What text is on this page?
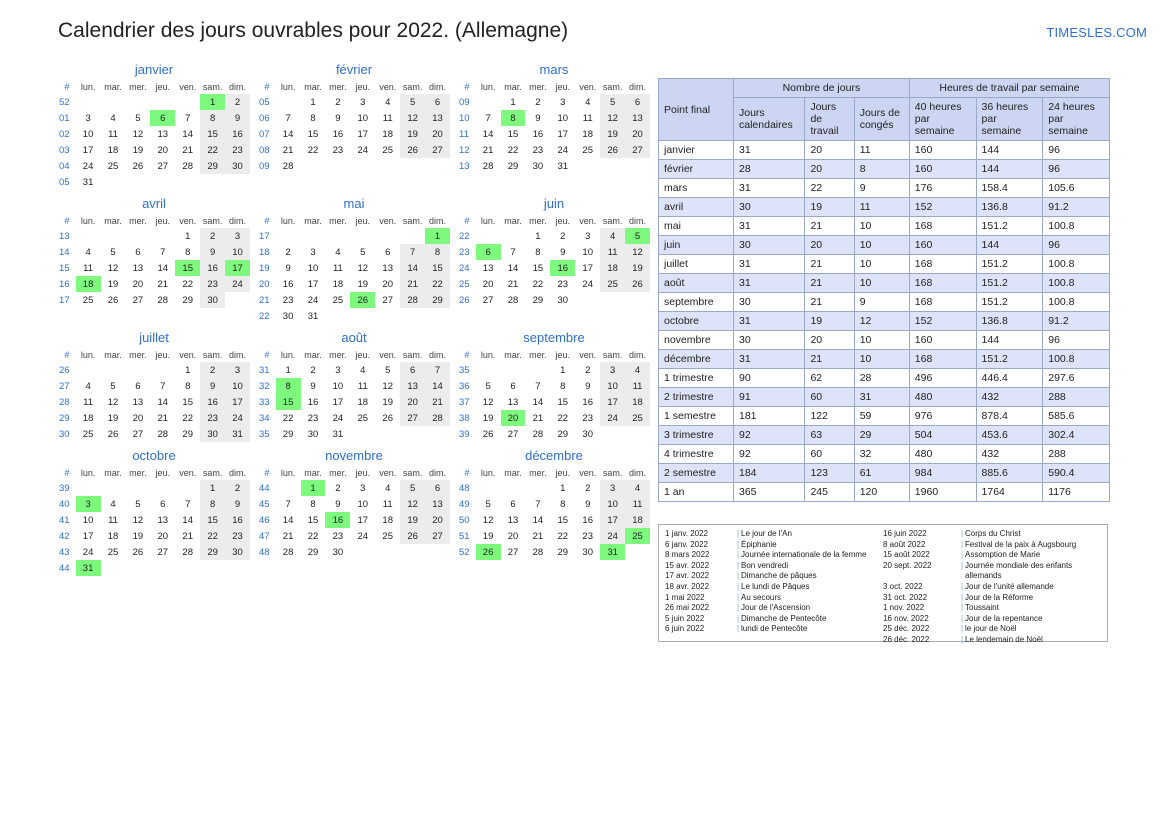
Calendrier des jours ouvrables pour 2022. (Allemagne)	TIMESLES.COM
janvier
#	lun.	mar.	mer.	jeu.	ven.	sam.	dim.
52						1	2
01	3	4	5	6	7	8	9
02	10	11	12	13	14	15	16
03	17	18	19	20	21	22	23
04	24	25	26	27	28	29	30
05	31						
février
#	lun.	mar.	mer.	jeu.	ven.	sam.	dim.
05		1	2	3	4	5	6
06	7	8	9	10	11	12	13
07	14	15	16	17	18	19	20
08	21	22	23	24	25	26	27
09	28						
mars
#	lun.	mar.	mer.	jeu.	ven.	sam.	dim.
09		1	2	3	4	5	6
10	7	8	9	10	11	12	13
11	14	15	16	17	18	19	20
12	21	22	23	24	25	26	27
13	28	29	30	31			
avril
#	lun.	mar.	mer.	jeu.	ven.	sam.	dim.
13					1	2	3
14	4	5	6	7	8	9	10
15	11	12	13	14	15	16	17
16	18	19	20	21	22	23	24
17	25	26	27	28	29	30	
mai
#	lun.	mar.	mer.	jeu.	ven.	sam.	dim.
17							1
18	2	3	4	5	6	7	8
19	9	10	11	12	13	14	15
20	16	17	18	19	20	21	22
21	23	24	25	26	27	28	29
22	30	31					
juin
#	lun.	mar.	mer.	jeu.	ven.	sam.	dim.
22			1	2	3	4	5
23	6	7	8	9	10	11	12
24	13	14	15	16	17	18	19
25	20	21	22	23	24	25	26
26	27	28	29	30			
juillet
#	lun.	mar.	mer.	jeu.	ven.	sam.	dim.
26					1	2	3
27	4	5	6	7	8	9	10
28	11	12	13	14	15	16	17
29	18	19	20	21	22	23	24
30	25	26	27	28	29	30	31
août
#	lun.	mar.	mer.	jeu.	ven.	sam.	dim.
31	1	2	3	4	5	6	7
32	8	9	10	11	12	13	14
33	15	16	17	18	19	20	21
34	22	23	24	25	26	27	28
35	29	30	31				
septembre
#	lun.	mar.	mer.	jeu.	ven.	sam.	dim.
35				1	2	3	4
36	5	6	7	8	9	10	11
37	12	13	14	15	16	17	18
38	19	20	21	22	23	24	25
39	26	27	28	29	30		
octobre
#	lun.	mar.	mer.	jeu.	ven.	sam.	dim.
39						1	2
40	3	4	5	6	7	8	9
41	10	11	12	13	14	15	16
42	17	18	19	20	21	22	23
43	24	25	26	27	28	29	30
44	31						
novembre
#	lun.	mar.	mer.	jeu.	ven.	sam.	dim.
44		1	2	3	4	5	6
45	7	8	9	10	11	12	13
46	14	15	16	17	18	19	20
47	21	22	23	24	25	26	27
48	28	29	30				
décembre
#	lun.	mar.	mer.	jeu.	ven.	sam.	dim.
48				1	2	3	4
49	5	6	7	8	9	10	11
50	12	13	14	15	16	17	18
51	19	20	21	22	23	24	25
52	26	27	28	29	30	31	
Point final	Nombre de jours			Heures de travail par semaine		
	Jours calendaires	Jours de travail	Jours de congés	40 heures par semaine	36 heures par semaine	24 heures par semaine
janvier	31	20	11	160	144	96
février	28	20	8	160	144	96
mars	31	22	9	176	158.4	105.6
avril	30	19	11	152	136.8	91.2
mai	31	21	10	168	151.2	100.8
juin	30	20	10	160	144	96
juillet	31	21	10	168	151.2	100.8
août	31	21	10	168	151.2	100.8
septembre	30	21	9	168	151.2	100.8
octobre	31	19	12	152	136.8	91.2
novembre	30	20	10	160	144	96
décembre	31	21	10	168	151.2	100.8
1 trimestre	90	62	28	496	446.4	297.6
2 trimestre	91	60	31	480	432	288
1 semestre	181	122	59	976	878.4	585.6
3 trimestre	92	63	29	504	453.6	302.4
4 trimestre	92	60	32	480	432	288
2 semestre	184	123	61	984	885.6	590.4
1 an	365	245	120	1960	1764	1176
1 janv. 2022	| Le jour de l'An
6 janv. 2022	| Épiphanie
8 mars 2022	| Journée internationale de la femme
15 avr. 2022	| Bon vendredi
17 avr. 2022	| Dimanche de pâques
18 avr. 2022	| Le lundi de Pâques
1 mai 2022	| Au secours
26 mai 2022	| Jour de l'Ascension
5 juin 2022	| Dimanche de Pentecôte
6 juin 2022	| lundi de Pentecôte
16 juin 2022	| Corps du Christ
8 août 2022	| Festival de la paix à Augsbourg
15 août 2022	| Assomption de Marie
20 sept. 2022	| Journée mondiale des enfants allemands
3 oct. 2022	| Jour de l'unité allemande
31 oct. 2022	| Jour de la Réforme
1 nov. 2022	| Toussaint
16 nov. 2022	| Jour de la repentance
25 déc. 2022	| le jour de Noël
26 déc. 2022	| Le lendemain de Noël
